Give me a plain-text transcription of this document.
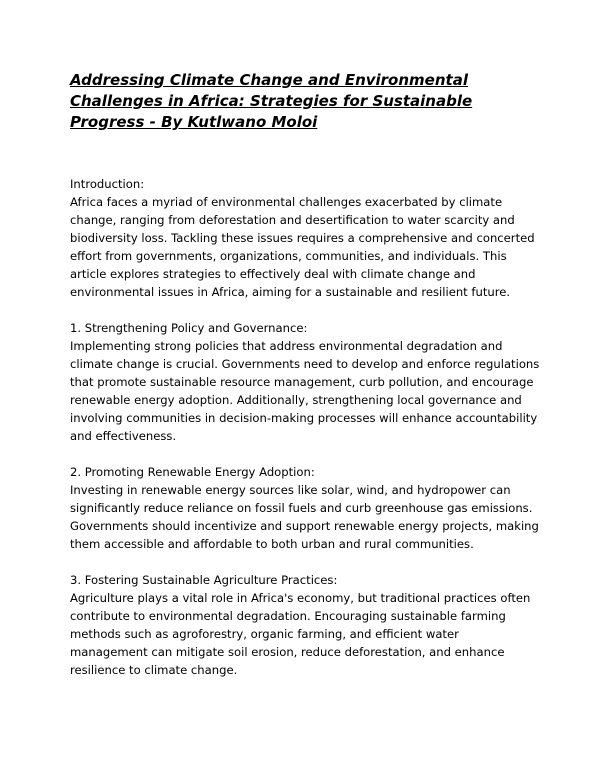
Addressing Climate Change and Environmental Challenges in Africa: Strategies for Sustainable Progress - By Kutlwano Moloi
Introduction:

Africa faces a myriad of environmental challenges exacerbated by climate change, ranging from deforestation and desertification to water scarcity and biodiversity loss. Tackling these issues requires a comprehensive and concerted effort from governments, organizations, communities, and individuals. This article explores strategies to effectively deal with climate change and environmental issues in Africa, aiming for a sustainable and resilient future.

1. Strengthening Policy and Governance:

Implementing strong policies that address environmental degradation and climate change is crucial. Governments need to develop and enforce regulations that promote sustainable resource management, curb pollution, and encourage renewable energy adoption. Additionally, strengthening local governance and involving communities in decision-making processes will enhance accountability and effectiveness.

2. Promoting Renewable Energy Adoption:

Investing in renewable energy sources like solar, wind, and hydropower can significantly reduce reliance on fossil fuels and curb greenhouse gas emissions. Governments should incentivize and support renewable energy projects, making them accessible and affordable to both urban and rural communities.

3. Fostering Sustainable Agriculture Practices:

Agriculture plays a vital role in Africa's economy, but traditional practices often contribute to environmental degradation. Encouraging sustainable farming methods such as agroforestry, organic farming, and efficient water management can mitigate soil erosion, reduce deforestation, and enhance resilience to climate change.
